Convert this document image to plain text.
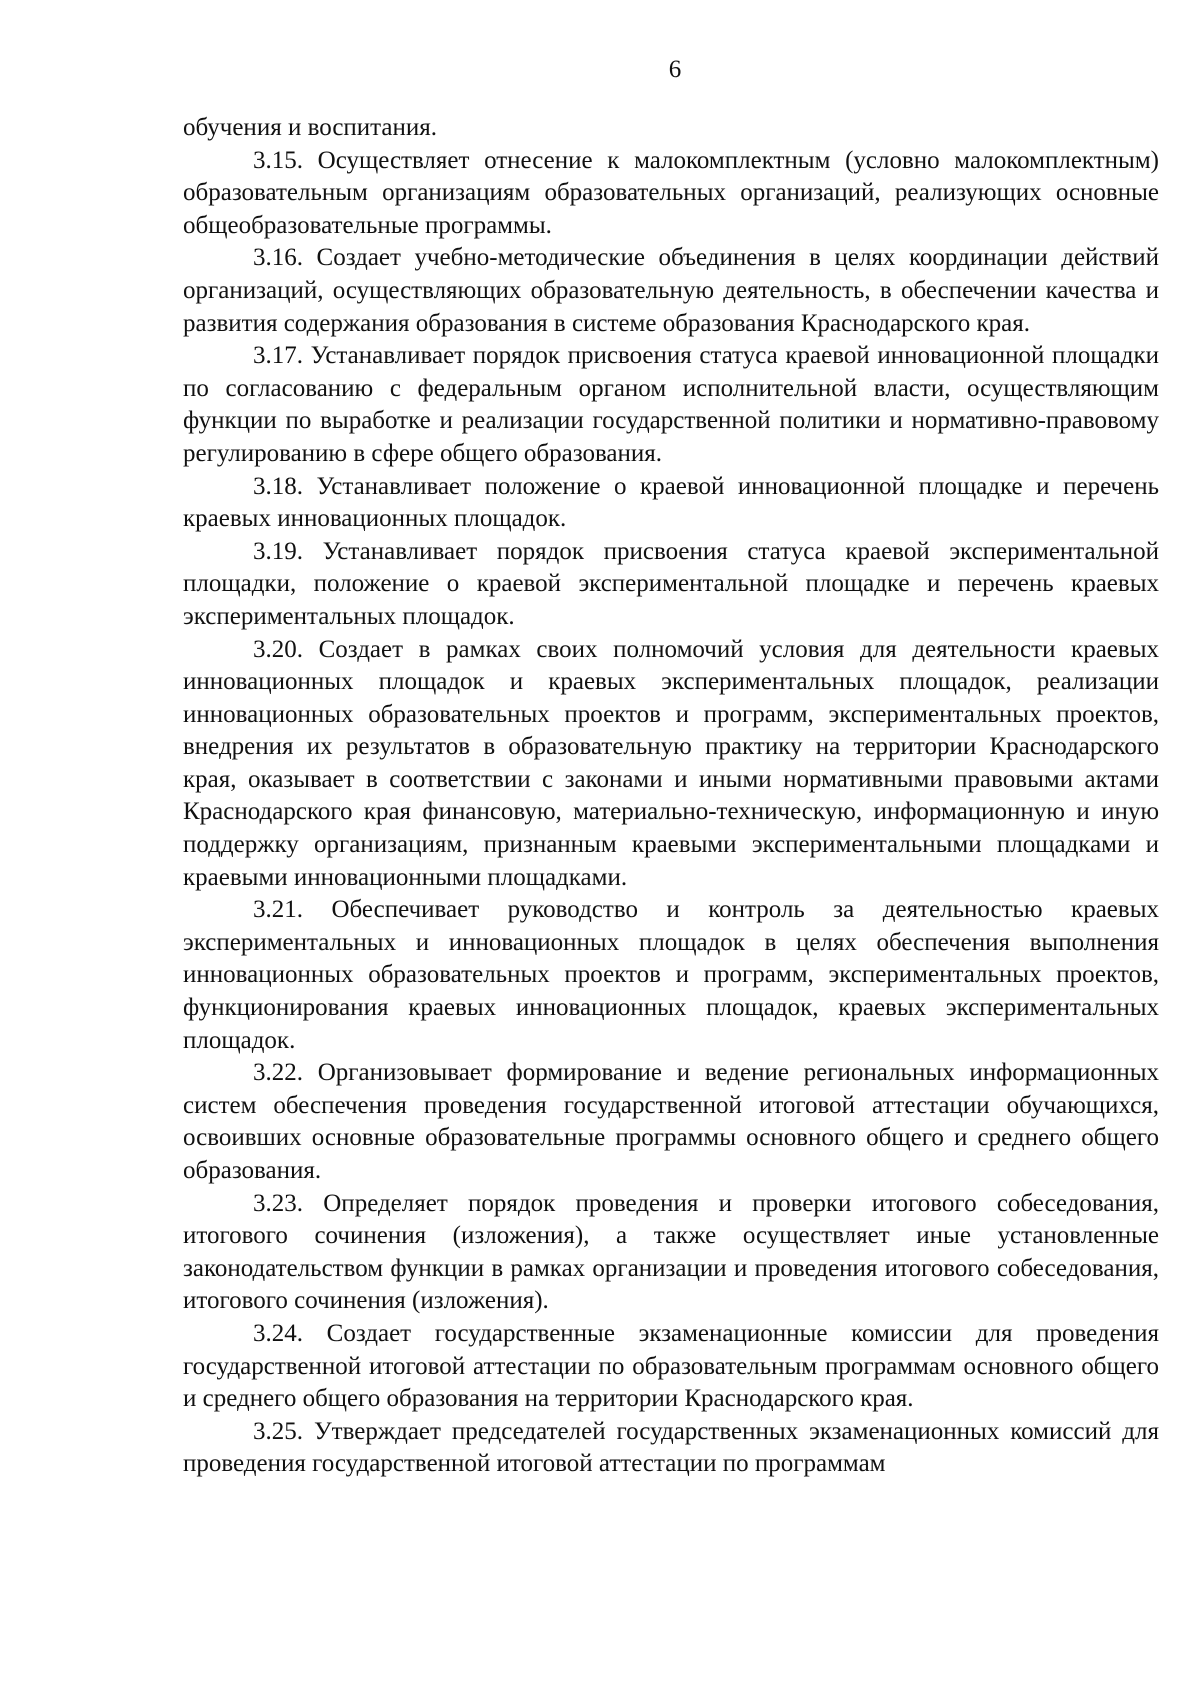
6

обучения и воспитания.

3.15. Осуществляет отнесение к малокомплектным (условно малокомплектным) образовательным организациям образовательных организаций, реализующих основные общеобразовательные программы.

3.16. Создает учебно-методические объединения в целях координации действий организаций, осуществляющих образовательную деятельность, в обеспечении качества и развития содержания образования в системе образования Краснодарского края.

3.17. Устанавливает порядок присвоения статуса краевой инновационной площадки по согласованию с федеральным органом исполнительной власти, осуществляющим функции по выработке и реализации государственной политики и нормативно-правовому регулированию в сфере общего образования.

3.18. Устанавливает положение о краевой инновационной площадке и перечень краевых инновационных площадок.

3.19. Устанавливает порядок присвоения статуса краевой экспериментальной площадки, положение о краевой экспериментальной площадке и перечень краевых экспериментальных площадок.

3.20. Создает в рамках своих полномочий условия для деятельности краевых инновационных площадок и краевых экспериментальных площадок, реализации инновационных образовательных проектов и программ, экспериментальных проектов, внедрения их результатов в образовательную практику на территории Краснодарского края, оказывает в соответствии с законами и иными нормативными правовыми актами Краснодарского края финансовую, материально-техническую, информационную и иную поддержку организациям, признанным краевыми экспериментальными площадками и краевыми инновационными площадками.

3.21. Обеспечивает руководство и контроль за деятельностью краевых экспериментальных и инновационных площадок в целях обеспечения выполнения инновационных образовательных проектов и программ, экспериментальных проектов, функционирования краевых инновационных площадок, краевых экспериментальных площадок.

3.22. Организовывает формирование и ведение региональных информационных систем обеспечения проведения государственной итоговой аттестации обучающихся, освоивших основные образовательные программы основного общего и среднего общего образования.

3.23. Определяет порядок проведения и проверки итогового собеседования, итогового сочинения (изложения), а также осуществляет иные установленные законодательством функции в рамках организации и проведения итогового собеседования, итогового сочинения (изложения).

3.24. Создает государственные экзаменационные комиссии для проведения государственной итоговой аттестации по образовательным программам основного общего и среднего общего образования на территории Краснодарского края.

3.25. Утверждает председателей государственных экзаменационных комиссий для проведения государственной итоговой аттестации по программам
